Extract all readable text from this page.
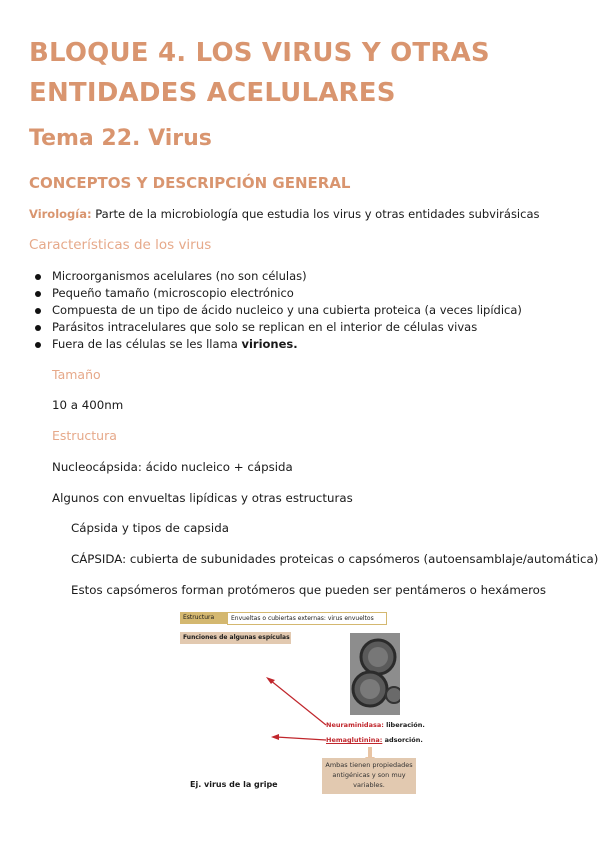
BLOQUE 4. LOS VIRUS Y OTRAS ENTIDADES ACELULARES
Tema 22. Virus
CONCEPTOS Y DESCRIPCIÓN GENERAL
Virología: Parte de la microbiología que estudia los virus y otras entidades subvirásicas
Características de los virus
Microorganismos acelulares (no son células)
Pequeño tamaño (microscopio electrónico
Compuesta de un tipo de ácido nucleico y una cubierta proteica (a veces lipídica)
Parásitos intracelulares que solo se replican en el interior de células vivas
Fuera de las células se les llama viriones.
Tamaño
10 a 400nm
Estructura
Nucleocápsida: ácido nucleico + cápsida
Algunos con envueltas lipídicas y otras estructuras
Cápsida y tipos de capsida
CÁPSIDA: cubierta de subunidades proteicas o capsómeros (autoensamblaje/automática)
Estos capsómeros forman protómeros que pueden ser pentámeros o hexámeros
Estructura	Envueltas o cubiertas externas: virus envueltos
Funciones de algunas espículas
Neuraminidasa: liberación.
Hemaglutinina: adsorción.
Ambas tienen propiedades antigénicas y son muy variables.
Ej. virus de la gripe
